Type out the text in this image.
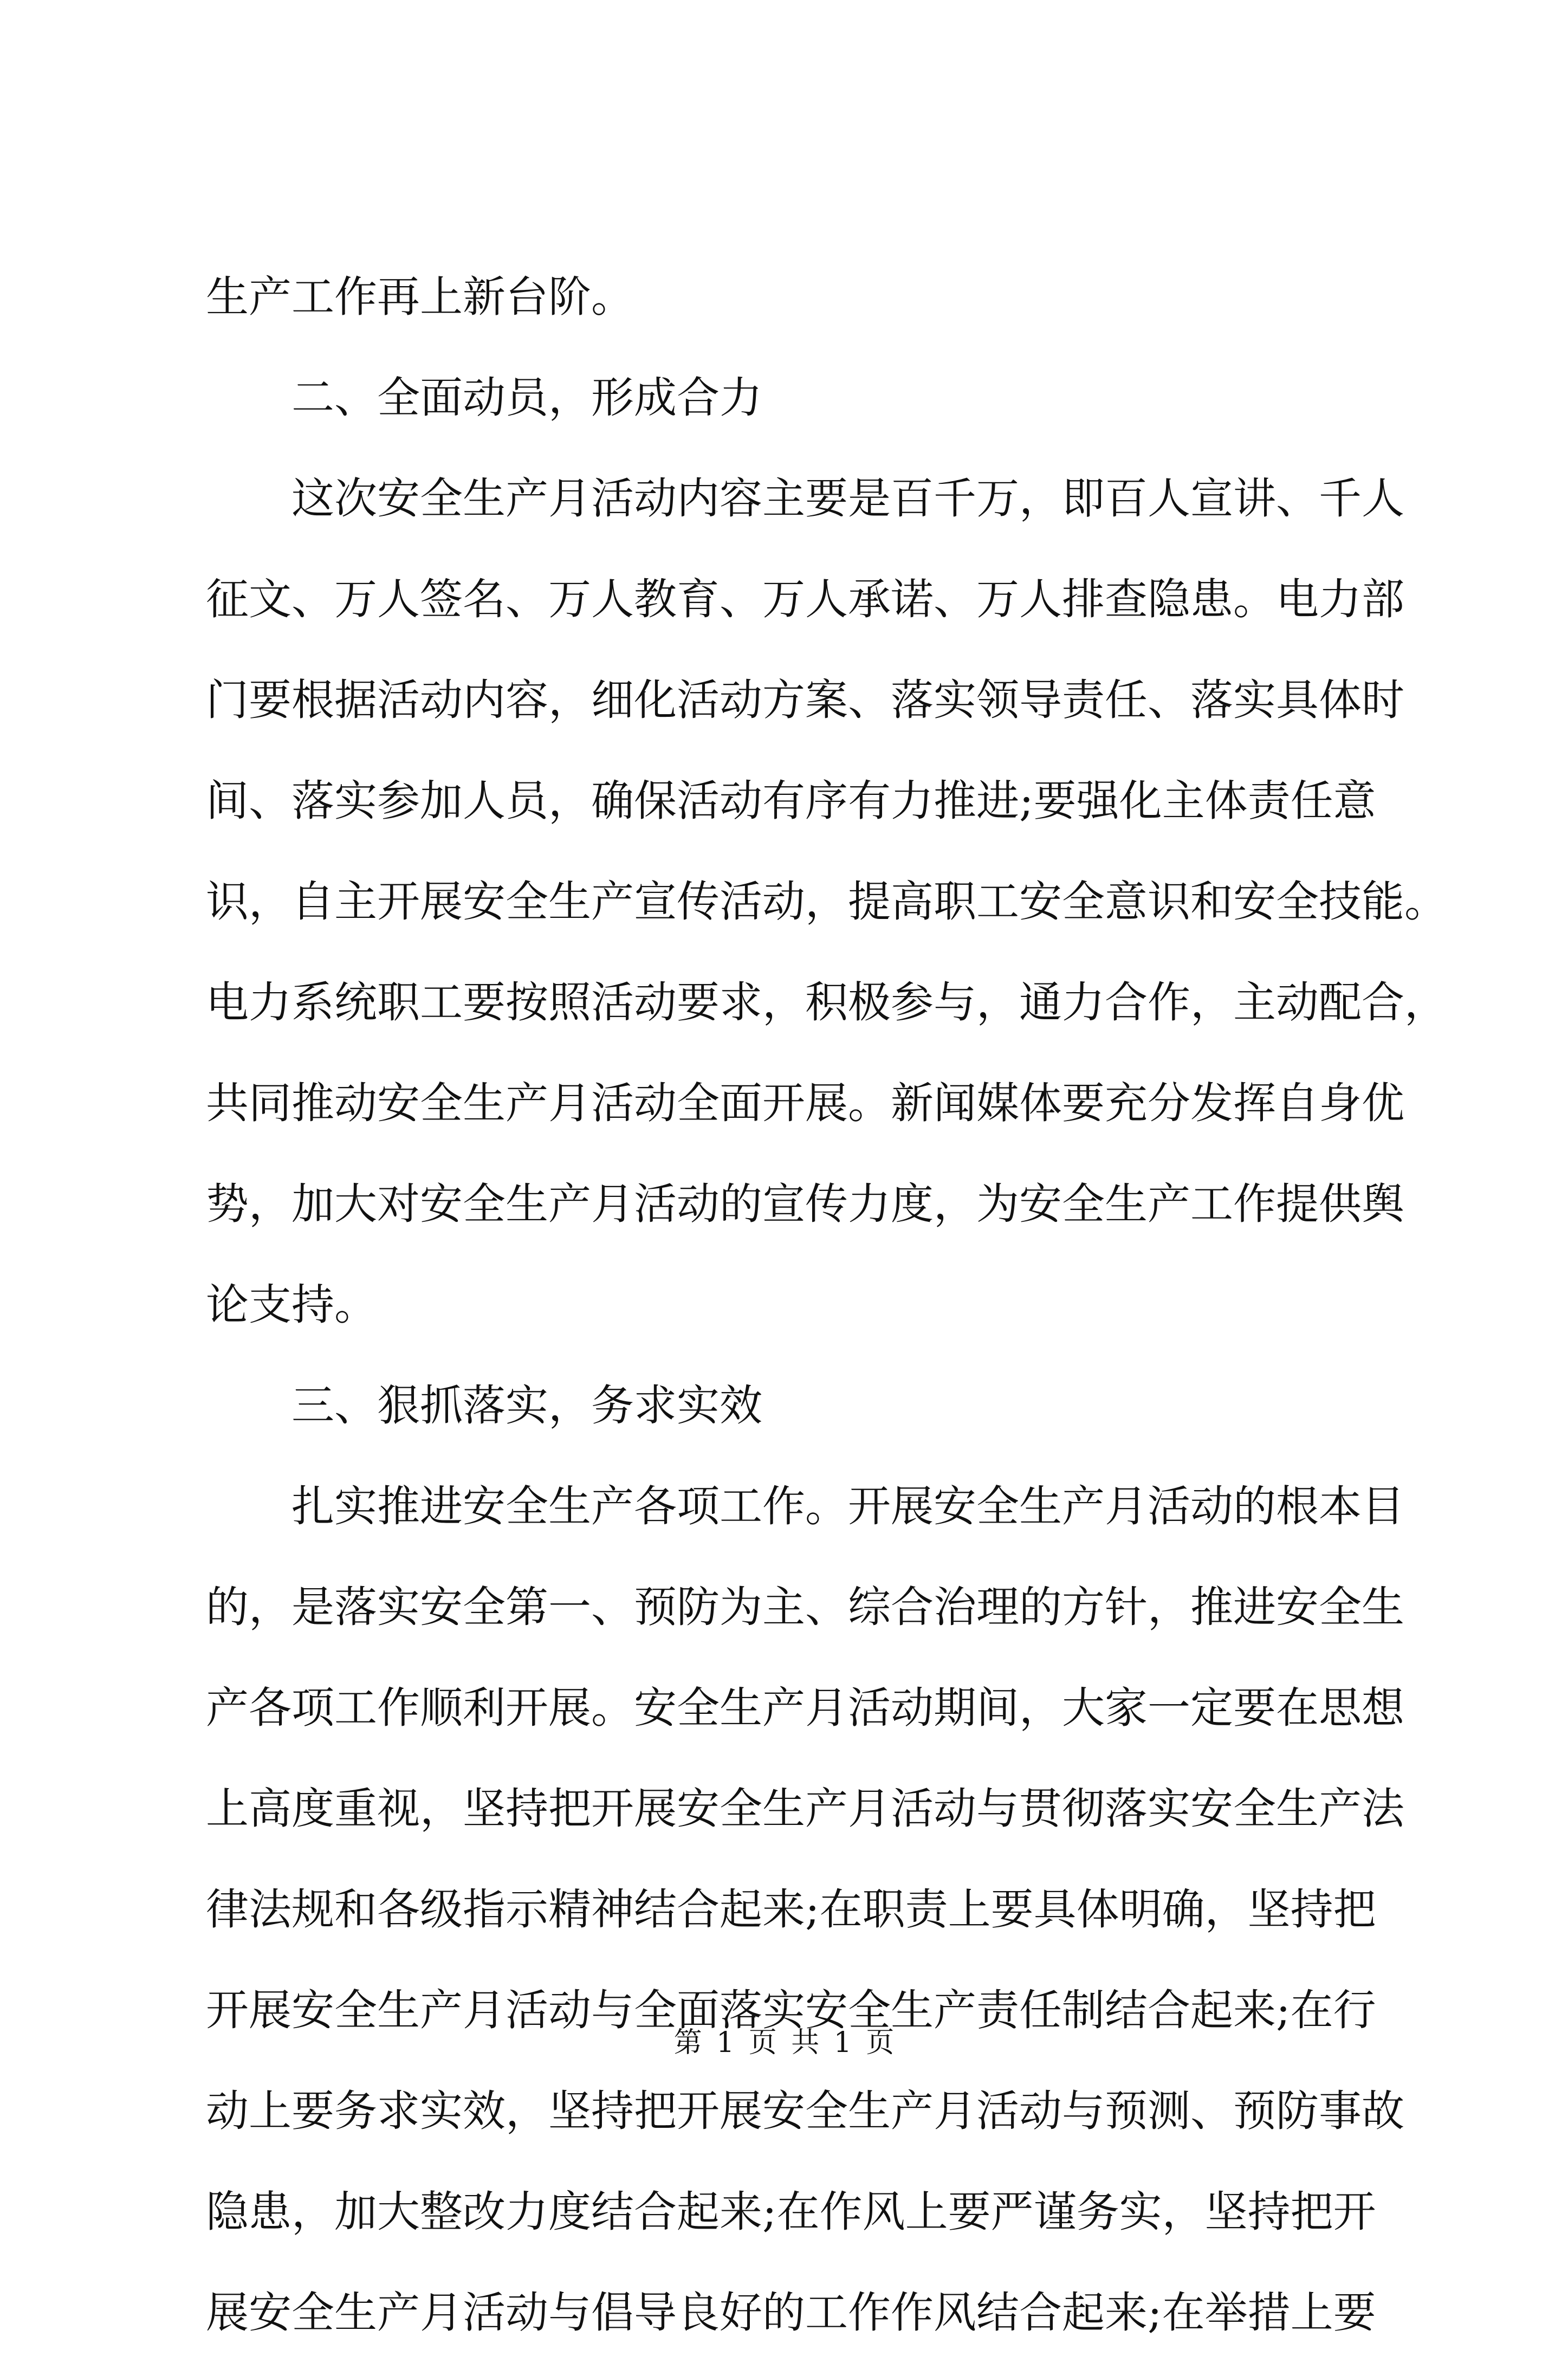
生产工作再上新台阶。
二、全面动员，形成合力
这次安全生产月活动内容主要是百千万，即百人宣讲、千人
征文、万人签名、万人教育、万人承诺、万人排查隐患。电力部
门要根据活动内容，细化活动方案、落实领导责任、落实具体时
间、落实参加人员，确保活动有序有力推进;要强化主体责任意
识，自主开展安全生产宣传活动，提高职工安全意识和安全技能。
电力系统职工要按照活动要求，积极参与，通力合作，主动配合，
共同推动安全生产月活动全面开展。新闻媒体要充分发挥自身优
势，加大对安全生产月活动的宣传力度，为安全生产工作提供舆
论支持。
三、狠抓落实，务求实效
扎实推进安全生产各项工作。开展安全生产月活动的根本目
的，是落实安全第一、预防为主、综合治理的方针，推进安全生
产各项工作顺利开展。安全生产月活动期间，大家一定要在思想
上高度重视，坚持把开展安全生产月活动与贯彻落实安全生产法
律法规和各级指示精神结合起来;在职责上要具体明确，坚持把
开展安全生产月活动与全面落实安全生产责任制结合起来;在行
动上要务求实效，坚持把开展安全生产月活动与预测、预防事故
隐患，加大整改力度结合起来;在作风上要严谨务实，坚持把开
展安全生产月活动与倡导良好的工作作风结合起来;在举措上要
第 1 页 共 1 页
